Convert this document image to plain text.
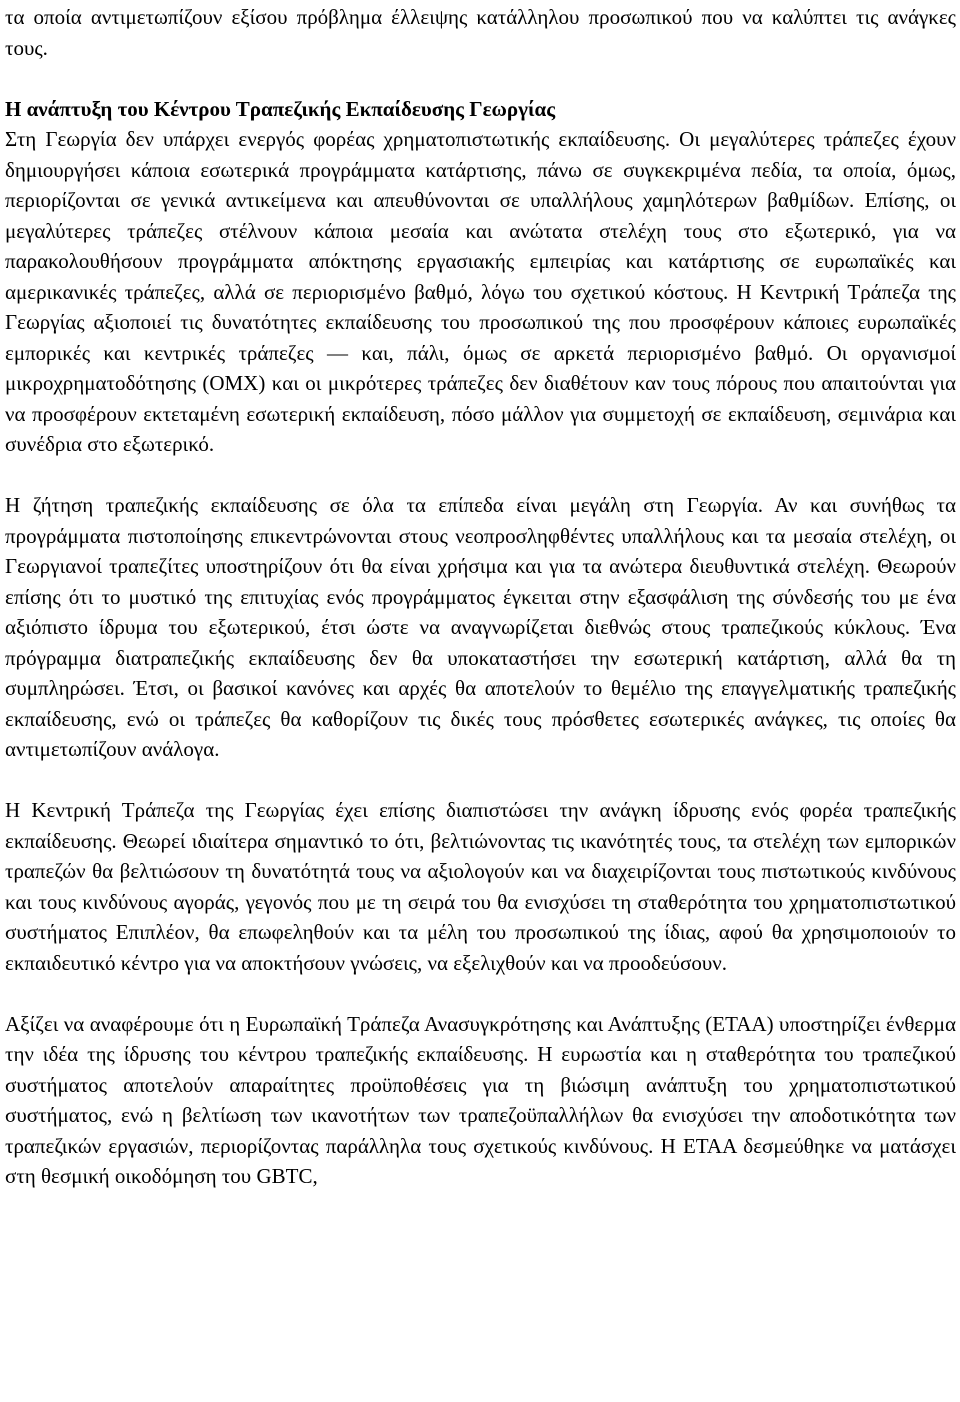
τα οποία αντιμετωπίζουν εξίσου πρόβλημα έλλειψης κατάλληλου προσωπικού που να καλύπτει τις ανάγκες τους.

Η ανάπτυξη του Κέντρου Τραπεζικής Εκπαίδευσης Γεωργίας

Στη Γεωργία δεν υπάρχει ενεργός φορέας χρηματοπιστωτικής εκπαίδευσης. Οι μεγαλύτερες τράπεζες έχουν δημιουργήσει κάποια εσωτερικά προγράμματα κατάρτισης, πάνω σε συγκεκριμένα πεδία, τα οποία, όμως, περιορίζονται σε γενικά αντικείμενα και απευθύνονται σε υπαλλήλους χαμηλότερων βαθμίδων. Επίσης, οι μεγαλύτερες τράπεζες στέλνουν κάποια μεσαία και ανώτατα στελέχη τους στο εξωτερικό, για να παρακολουθήσουν προγράμματα απόκτησης εργασιακής εμπειρίας και κατάρτισης σε ευρωπαϊκές και αμερικανικές τράπεζες, αλλά σε περιορισμένο βαθμό, λόγω του σχετικού κόστους. Η Κεντρική Τράπεζα της Γεωργίας αξιοποιεί τις δυνατότητες εκπαίδευσης του προσωπικού της που προσφέρουν κάποιες ευρωπαϊκές εμπορικές και κεντρικές τράπεζες — και, πάλι, όμως σε αρκετά περιορισμένο βαθμό. Οι οργανισμοί μικροχρηματοδότησης (ΟΜΧ) και οι μικρότερες τράπεζες δεν διαθέτουν καν τους πόρους που απαιτούνται για να προσφέρουν εκτεταμένη εσωτερική εκπαίδευση, πόσο μάλλον για συμμετοχή σε εκπαίδευση, σεμινάρια και συνέδρια στο εξωτερικό.

Η ζήτηση τραπεζικής εκπαίδευσης σε όλα τα επίπεδα είναι μεγάλη στη Γεωργία. Αν και συνήθως τα προγράμματα πιστοποίησης επικεντρώνονται στους νεοπροσληφθέντες υπαλλήλους και τα μεσαία στελέχη, οι Γεωργιανοί τραπεζίτες υποστηρίζουν ότι θα είναι χρήσιμα και για τα ανώτερα διευθυντικά στελέχη. Θεωρούν επίσης ότι το μυστικό της επιτυχίας ενός προγράμματος έγκειται στην εξασφάλιση της σύνδεσής του με ένα αξιόπιστο ίδρυμα του εξωτερικού, έτσι ώστε να αναγνωρίζεται διεθνώς στους τραπεζικούς κύκλους. Ένα πρόγραμμα διατραπεζικής εκπαίδευσης δεν θα υποκαταστήσει την εσωτερική κατάρτιση, αλλά θα τη συμπληρώσει. Έτσι, οι βασικοί κανόνες και αρχές θα αποτελούν το θεμέλιο της επαγγελματικής τραπεζικής εκπαίδευσης, ενώ οι τράπεζες θα καθορίζουν τις δικές τους πρόσθετες εσωτερικές ανάγκες, τις οποίες θα αντιμετωπίζουν ανάλογα.

Η Κεντρική Τράπεζα της Γεωργίας έχει επίσης διαπιστώσει την ανάγκη ίδρυσης ενός φορέα τραπεζικής εκπαίδευσης. Θεωρεί ιδιαίτερα σημαντικό το ότι, βελτιώνοντας τις ικανότητές τους, τα στελέχη των εμπορικών τραπεζών θα βελτιώσουν τη δυνατότητά τους να αξιολογούν και να διαχειρίζονται τους πιστωτικούς κινδύνους και τους κινδύνους αγοράς, γεγονός που με τη σειρά του θα ενισχύσει τη σταθερότητα του χρηματοπιστωτικού συστήματος Επιπλέον, θα επωφεληθούν και τα μέλη του προσωπικού της ίδιας, αφού θα χρησιμοποιούν το εκπαιδευτικό κέντρο για να αποκτήσουν γνώσεις, να εξελιχθούν και να προοδεύσουν.

Αξίζει να αναφέρουμε ότι η Ευρωπαϊκή Τράπεζα Ανασυγκρότησης και Ανάπτυξης (ΕΤΑΑ) υποστηρίζει ένθερμα την ιδέα της ίδρυσης του κέντρου τραπεζικής εκπαίδευσης. Η ευρωστία και η σταθερότητα του τραπεζικού συστήματος αποτελούν απαραίτητες προϋποθέσεις για τη βιώσιμη ανάπτυξη του χρηματοπιστωτικού συστήματος, ενώ η βελτίωση των ικανοτήτων των τραπεζοϋπαλλήλων θα ενισχύσει την αποδοτικότητα των τραπεζικών εργασιών, περιορίζοντας παράλληλα τους σχετικούς κινδύνους. Η ΕΤΑΑ δεσμεύθηκε να ματάσχει στη θεσμική οικοδόμηση του GBTC,
